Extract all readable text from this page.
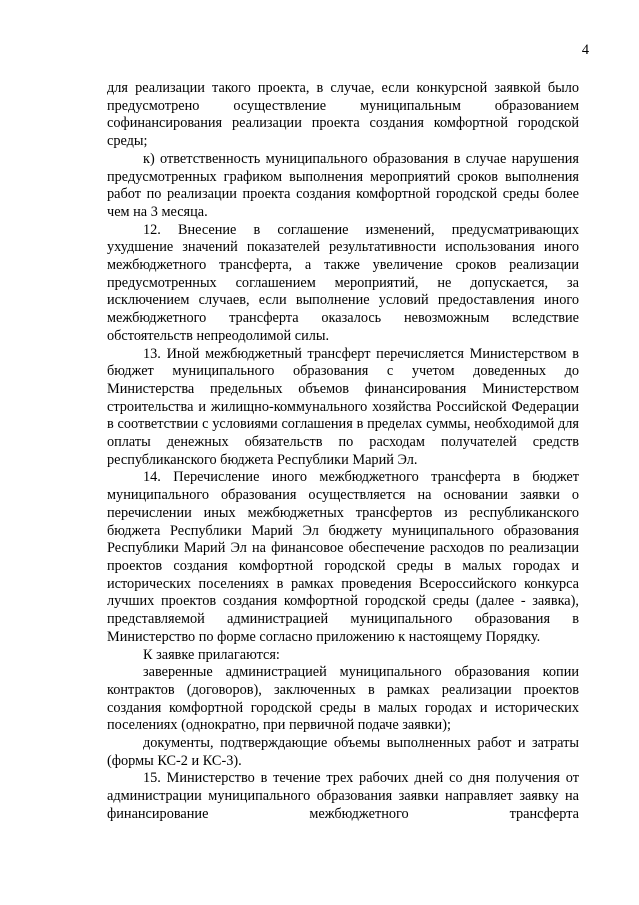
4

для реализации такого проекта, в случае, если конкурсной заявкой было предусмотрено осуществление муниципальным образованием софинансирования реализации проекта создания комфортной городской среды;

к) ответственность муниципального образования в случае нарушения предусмотренных графиком выполнения мероприятий сроков выполнения работ по реализации проекта создания комфортной городской среды более чем на 3 месяца.

12. Внесение в соглашение изменений, предусматривающих ухудшение значений показателей результативности использования иного межбюджетного трансферта, а также увеличение сроков реализации предусмотренных соглашением мероприятий, не допускается, за исключением случаев, если выполнение условий предоставления иного межбюджетного трансферта оказалось невозможным вследствие обстоятельств непреодолимой силы.

13. Иной межбюджетный трансферт перечисляется Министерством в бюджет муниципального образования с учетом доведенных до Министерства предельных объемов финансирования Министерством строительства и жилищно-коммунального хозяйства Российской Федерации в соответствии с условиями соглашения в пределах суммы, необходимой для оплаты денежных обязательств по расходам получателей средств республиканского бюджета Республики Марий Эл.

14. Перечисление иного межбюджетного трансферта в бюджет муниципального образования осуществляется на основании заявки о перечислении иных межбюджетных трансфертов из республиканского бюджета Республики Марий Эл бюджету муниципального образования Республики Марий Эл на финансовое обеспечение расходов по реализации проектов создания комфортной городской среды в малых городах и исторических поселениях в рамках проведения Всероссийского конкурса лучших проектов создания комфортной городской среды (далее - заявка), представляемой администрацией муниципального образования в Министерство по форме согласно приложению к настоящему Порядку.

К заявке прилагаются:

заверенные администрацией муниципального образования копии контрактов (договоров), заключенных в рамках реализации проектов создания комфортной городской среды в малых городах и исторических поселениях (однократно, при первичной подаче заявки);

документы, подтверждающие объемы выполненных работ и затраты (формы КС-2 и КС-3).

15. Министерство в течение трех рабочих дней со дня получения от администрации муниципального образования заявки направляет заявку на финансирование межбюджетного трансферта
